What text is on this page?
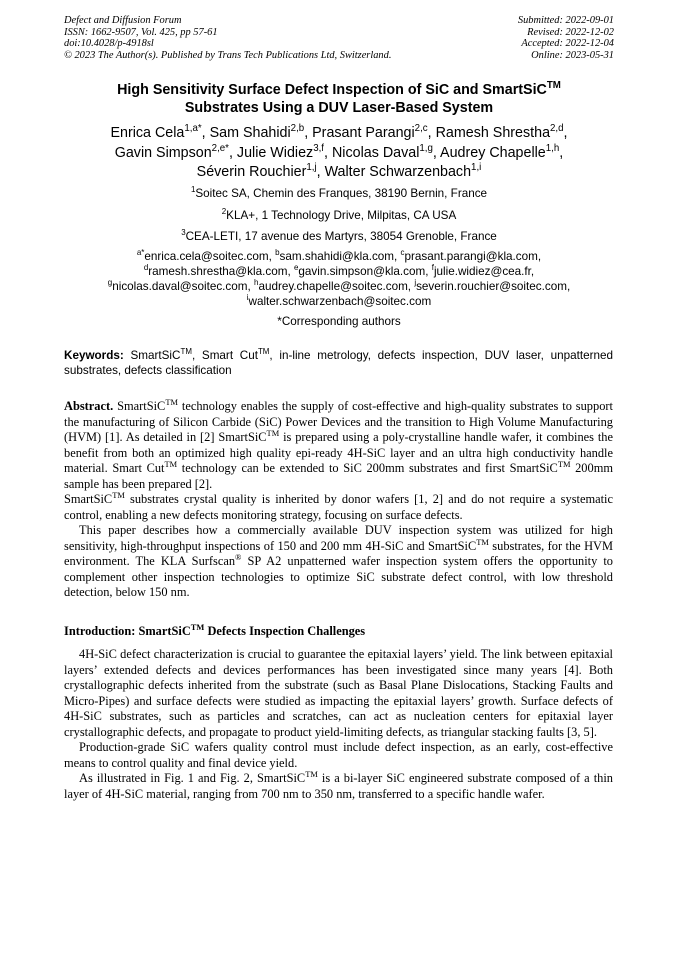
Defect and Diffusion Forum
ISSN: 1662-9507, Vol. 425, pp 57-61
doi:10.4028/p-4918sl
© 2023 The Author(s). Published by Trans Tech Publications Ltd, Switzerland.
Submitted: 2022-09-01
Revised: 2022-12-02
Accepted: 2022-12-04
Online: 2023-05-31
High Sensitivity Surface Defect Inspection of SiC and SmartSiC™
Substrates Using a DUV Laser-Based System
Enrica Cela$^{1,a*}$, Sam Shahidi$^{2,b}$, Prasant Parangi$^{2,c}$, Ramesh Shrestha$^{2,d}$,
Gavin Simpson$^{2,e*}$, Julie Widiez$^{3,f}$, Nicolas Daval$^{1,g}$, Audrey Chapelle$^{1,h}$,
Séverin Rouchier$^{1,j}$, Walter Schwarzenbach$^{1,i}$
$^1$Soitec SA, Chemin des Franques, 38190 Bernin, France
$^2$KLA+, 1 Technology Drive, Milpitas, CA USA
$^3$CEA-LETI, 17 avenue des Martyrs, 38054 Grenoble, France
$^{a*}$enrica.cela@soitec.com, $^b$sam.shahidi@kla.com, $^c$prasant.parangi@kla.com,
$^d$ramesh.shrestha@kla.com, $^e$gavin.simpson@kla.com, $^f$julie.widiez@cea.fr,
$^g$nicolas.daval@soitec.com, $^h$audrey.chapelle@soitec.com, $^j$severin.rouchier@soitec.com,
$^i$walter.schwarzenbach@soitec.com
*Corresponding authors
Keywords: SmartSiC™, Smart Cut™, in-line metrology, defects inspection, DUV laser, unpatterned substrates, defects classification

Abstract. SmartSiC™ technology enables the supply of cost-effective and high-quality substrates to support the manufacturing of Silicon Carbide (SiC) Power Devices and the transition to High Volume Manufacturing (HVM) [1]. As detailed in [2] SmartSiC™ is prepared using a poly-crystalline handle wafer, it combines the benefit from both an optimized high quality epi-ready 4H-SiC layer and an ultra high conductivity handle material. Smart Cut™ technology can be extended to SiC 200mm substrates and first SmartSiC™ 200mm sample has been prepared [2].

SmartSiC™ substrates crystal quality is inherited by donor wafers [1, 2] and do not require a systematic control, enabling a new defects monitoring strategy, focusing on surface defects.

This paper describes how a commercially available DUV inspection system was utilized for high sensitivity, high-throughput inspections of 150 and 200 mm 4H-SiC and SmartSiC™ substrates, for the HVM environment. The KLA Surfscan® SP A2 unpatterned wafer inspection system offers the opportunity to complement other inspection technologies to optimize SiC substrate defect control, with low threshold detection, below 150 nm.

Introduction: SmartSiC™ Defects Inspection Challenges

4H-SiC defect characterization is crucial to guarantee the epitaxial layers’ yield. The link between epitaxial layers’ extended defects and devices performances has been investigated since many years [4]. Both crystallographic defects inherited from the substrate (such as Basal Plane Dislocations, Stacking Faults and Micro-Pipes) and surface defects were studied as impacting the epitaxial layers’ growth. Surface defects of 4H-SiC substrates, such as particles and scratches, can act as nucleation centers for epitaxial layer crystallographic defects, and propagate to product yield-limiting defects, as triangular stacking faults [3, 5].

Production-grade SiC wafers quality control must include defect inspection, as an early, cost-effective means to control quality and final device yield.

As illustrated in Fig. 1 and Fig. 2, SmartSiC™ is a bi-layer SiC engineered substrate composed of a thin layer of 4H-SiC material, ranging from 700 nm to 350 nm, transferred to a specific handle wafer.
